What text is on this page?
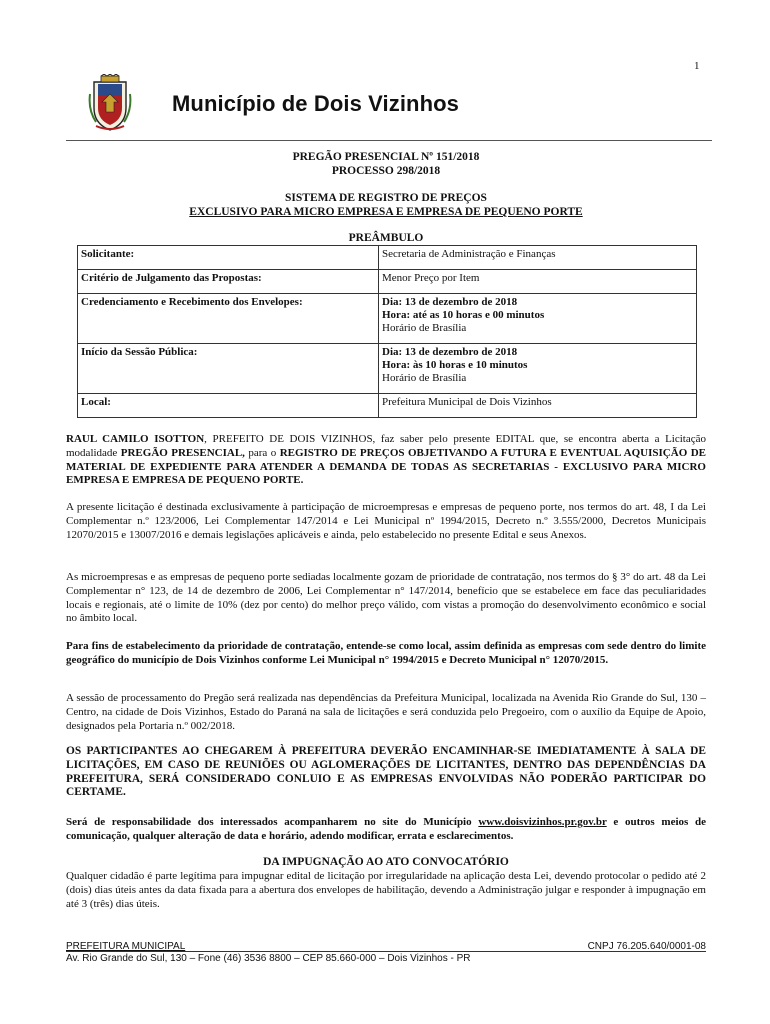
1
Município de Dois Vizinhos
PREGÃO PRESENCIAL Nº 151/2018
PROCESSO 298/2018
SISTEMA DE REGISTRO DE PREÇOS
EXCLUSIVO PARA MICRO EMPRESA E EMPRESA DE PEQUENO PORTE
PREÂMBULO
Solicitante:	Secretaria de Administração e Finanças

Critério de Julgamento das Propostas:	Menor Preço por Item

Credenciamento e Recebimento dos Envelopes:	Dia: 13 de dezembro de 2018
Hora: até as 10 horas e 00 minutos
Horário de Brasília

Início da Sessão Pública:	Dia: 13 de dezembro de 2018
Hora: às 10 horas e 10 minutos
Horário de Brasília

Local:	Prefeitura Municipal de Dois Vizinhos
RAUL CAMILO ISOTTON, PREFEITO DE DOIS VIZINHOS, faz saber pelo presente EDITAL que, se encontra aberta a Licitação modalidade PREGÃO PRESENCIAL, para o REGISTRO DE PREÇOS OBJETIVANDO A FUTURA E EVENTUAL AQUISIÇÃO DE MATERIAL DE EXPEDIENTE PARA ATENDER A DEMANDA DE TODAS AS SECRETARIAS - EXCLUSIVO PARA MICRO EMPRESA E EMPRESA DE PEQUENO PORTE.
A presente licitação é destinada exclusivamente à participação de microempresas e empresas de pequeno porte, nos termos do art. 48, I da Lei Complementar n.º 123/2006, Lei Complementar 147/2014 e Lei Municipal nº 1994/2015, Decreto n.º 3.555/2000, Decretos Municipais 12070/2015 e 13007/2016 e demais legislações aplicáveis e ainda, pelo estabelecido no presente Edital e seus Anexos.
As microempresas e as empresas de pequeno porte sediadas localmente gozam de prioridade de contratação, nos termos do § 3° do art. 48 da Lei Complementar n° 123, de 14 de dezembro de 2006, Lei Complementar n° 147/2014, benefício que se estabelece em face das peculiaridades locais e regionais, até o limite de 10% (dez por cento) do melhor preço válido, com vistas a promoção do desenvolvimento econômico e social no âmbito local.
Para fins de estabelecimento da prioridade de contratação, entende-se como local, assim definida as empresas com sede dentro do limite geográfico do município de Dois Vizinhos conforme Lei Municipal n° 1994/2015 e Decreto Municipal n° 12070/2015.
A sessão de processamento do Pregão será realizada nas dependências da Prefeitura Municipal, localizada na Avenida Rio Grande do Sul, 130 – Centro, na cidade de Dois Vizinhos, Estado do Paraná na sala de licitações e será conduzida pelo Pregoeiro, com o auxílio da Equipe de Apoio, designados pela Portaria n.º 002/2018.
OS PARTICIPANTES AO CHEGAREM À PREFEITURA DEVERÃO ENCAMINHAR-SE IMEDIATAMENTE À SALA DE LICITAÇÕES, EM CASO DE REUNIÕES OU AGLOMERAÇÕES DE LICITANTES, DENTRO DAS DEPENDÊNCIAS DA PREFEITURA, SERÁ CONSIDERADO CONLUIO E AS EMPRESAS ENVOLVIDAS NÃO PODERÃO PARTICIPAR DO CERTAME.
Será de responsabilidade dos interessados acompanharem no site do Município www.doisvizinhos.pr.gov.br e outros meios de comunicação, qualquer alteração de data e horário, adendo modificar, errata e esclarecimentos.
DA IMPUGNAÇÃO AO ATO CONVOCATÓRIO
Qualquer cidadão é parte legítima para impugnar edital de licitação por irregularidade na aplicação desta Lei, devendo protocolar o pedido até 2 (dois) dias úteis antes da data fixada para a abertura dos envelopes de habilitação, devendo a Administração julgar e responder à impugnação em até 3 (três) dias úteis.
PREFEITURA MUNICIPAL	CNPJ 76.205.640/0001-08
Av. Rio Grande do Sul, 130 – Fone (46) 3536 8800 – CEP 85.660-000 – Dois Vizinhos - PR
